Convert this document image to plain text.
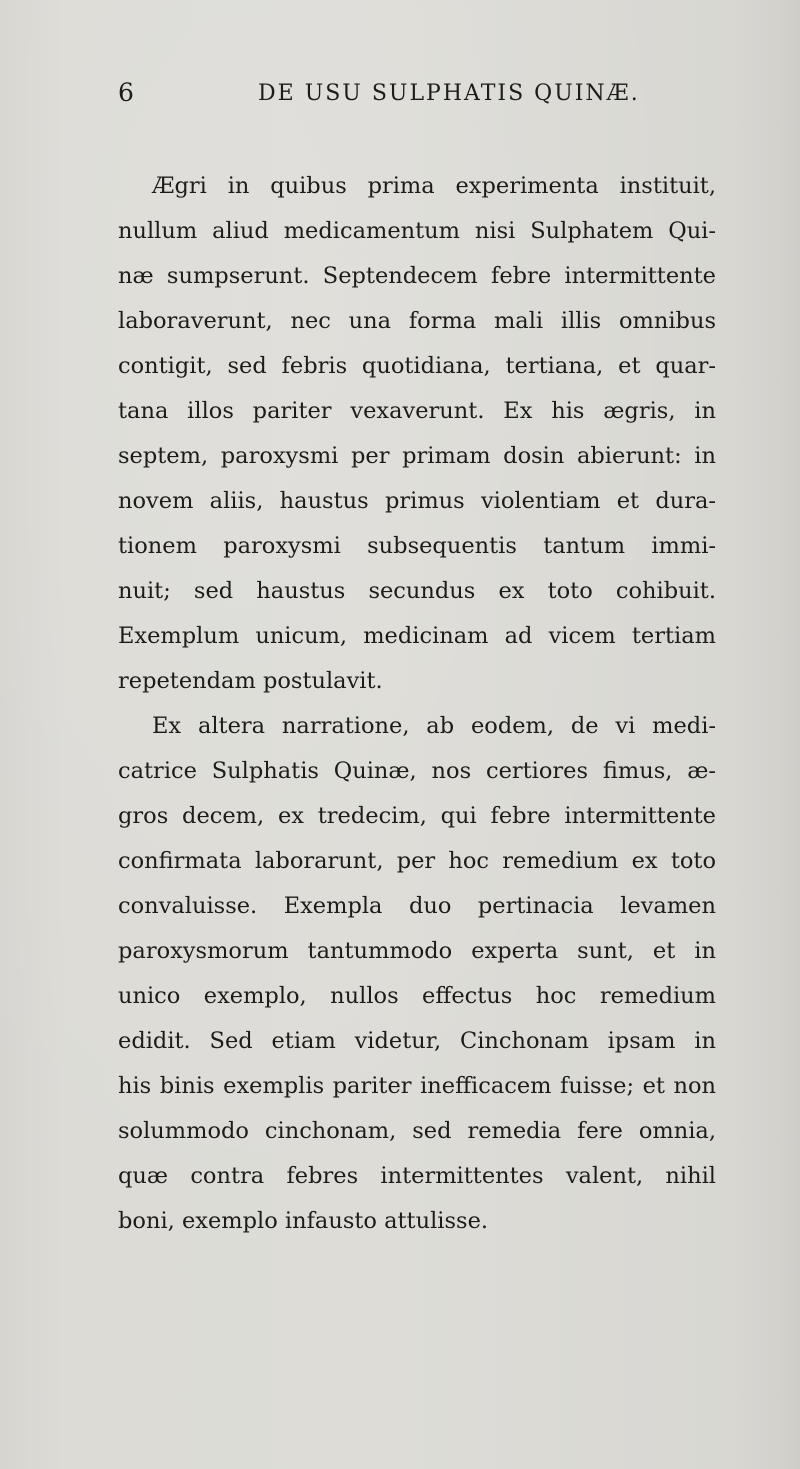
6	DE USU SULPHATIS QUINÆ.
Ægri in quibus prima experimenta instituit,
nullum aliud medicamentum nisi Sulphatem Qui-
næ sumpserunt. Septendecem febre intermittente
laboraverunt, nec una forma mali illis omnibus
contigit, sed febris quotidiana, tertiana, et quar-
tana illos pariter vexaverunt. Ex his ægris, in
septem, paroxysmi per primam dosin abierunt: in
novem aliis, haustus primus violentiam et dura-
tionem paroxysmi subsequentis tantum immi-
nuit; sed haustus secundus ex toto cohibuit.
Exemplum unicum, medicinam ad vicem tertiam
repetendam postulavit.
Ex altera narratione, ab eodem, de vi medi-
catrice Sulphatis Quinæ, nos certiores fimus, æ-
gros decem, ex tredecim, qui febre intermittente
confirmata laborarunt, per hoc remedium ex toto
convaluisse. Exempla duo pertinacia levamen
paroxysmorum tantummodo experta sunt, et in
unico exemplo, nullos effectus hoc remedium
edidit. Sed etiam videtur, Cinchonam ipsam in
his binis exemplis pariter inefficacem fuisse; et non
solummodo cinchonam, sed remedia fere omnia,
quæ contra febres intermittentes valent, nihil
boni, exemplo infausto attulisse.
